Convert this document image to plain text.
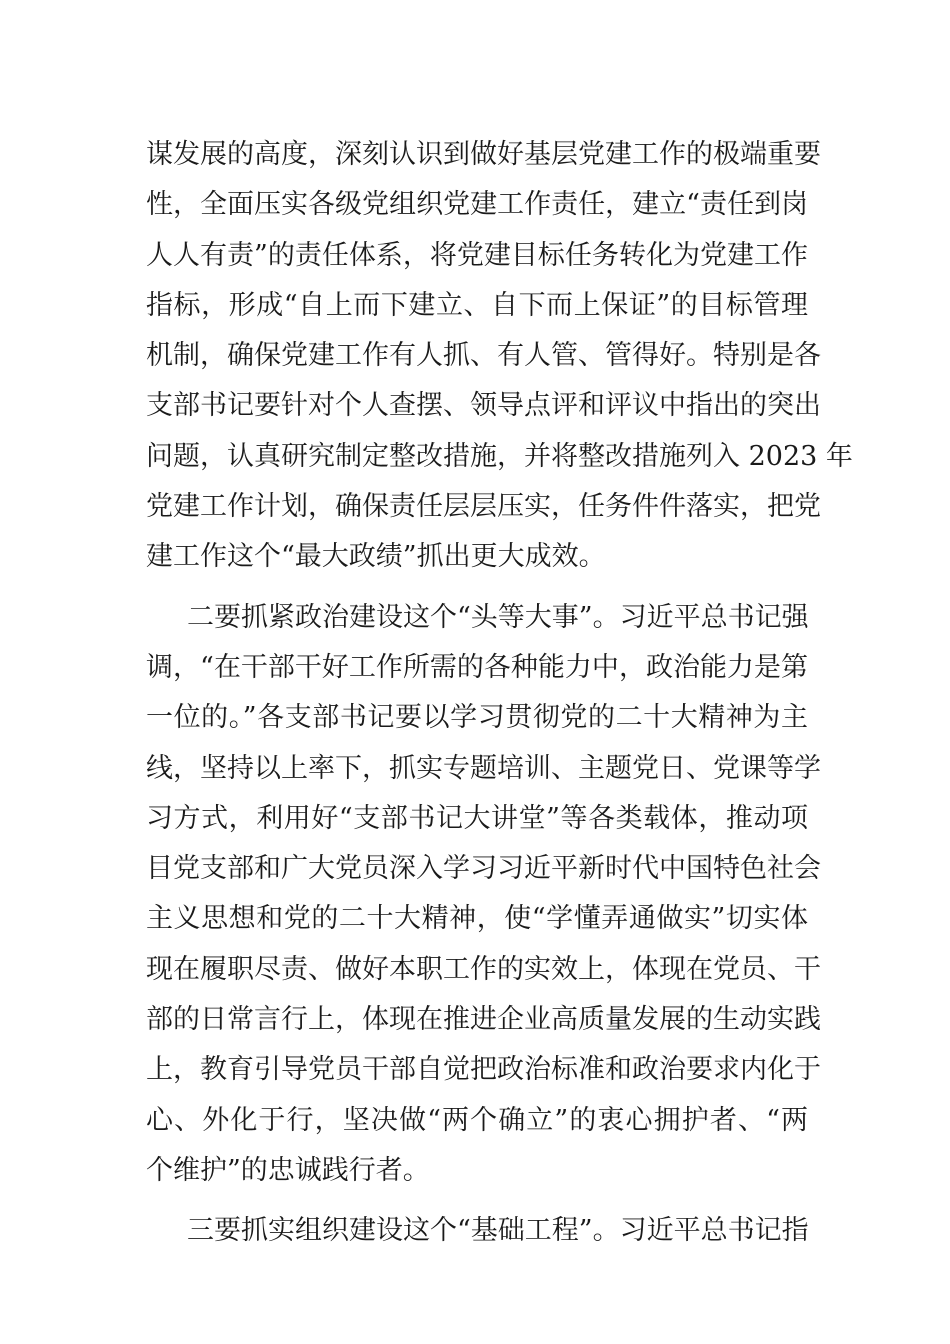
谋发展的高度，深刻认识到做好基层党建工作的极端重要
性，全面压实各级党组织党建工作责任，建立“责任到岗
人人有责”的责任体系，将党建目标任务转化为党建工作
指标，形成“自上而下建立、自下而上保证”的目标管理
机制，确保党建工作有人抓、有人管、管得好。特别是各
支部书记要针对个人查摆、领导点评和评议中指出的突出
问题，认真研究制定整改措施，并将整改措施列入 2023 年
党建工作计划，确保责任层层压实，任务件件落实，把党
建工作这个“最大政绩”抓出更大成效。
二要抓紧政治建设这个“头等大事”。习近平总书记强
调，“在干部干好工作所需的各种能力中，政治能力是第
一位的。”各支部书记要以学习贯彻党的二十大精神为主
线，坚持以上率下，抓实专题培训、主题党日、党课等学
习方式，利用好“支部书记大讲堂”等各类载体，推动项
目党支部和广大党员深入学习习近平新时代中国特色社会
主义思想和党的二十大精神，使“学懂弄通做实”切实体
现在履职尽责、做好本职工作的实效上，体现在党员、干
部的日常言行上，体现在推进企业高质量发展的生动实践
上，教育引导党员干部自觉把政治标准和政治要求内化于
心、外化于行，坚决做“两个确立”的衷心拥护者、“两
个维护”的忠诚践行者。
三要抓实组织建设这个“基础工程”。习近平总书记指
